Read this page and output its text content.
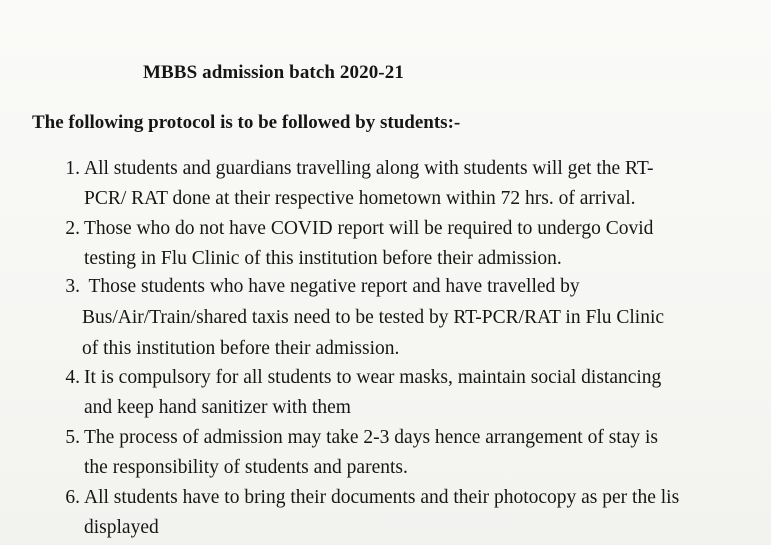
MBBS admission batch 2020-21
The following protocol is to be followed by students:-
1. All students and guardians travelling along with students will get the RT-
PCR/ RAT done at their respective hometown within 72 hrs. of arrival.
2. Those who do not have COVID report will be required to undergo Covid
testing in Flu Clinic of this institution before their admission.
3. Those students who have negative report and have travelled by
Bus/Air/Train/shared taxis need to be tested by RT-PCR/RAT in Flu Clinic
of this institution before their admission.
4. It is compulsory for all students to wear masks, maintain social distancing
and keep hand sanitizer with them
5. The process of admission may take 2-3 days hence arrangement of stay is
the responsibility of students and parents.
6. All students have to bring their documents and their photocopy as per the lis
displayed
